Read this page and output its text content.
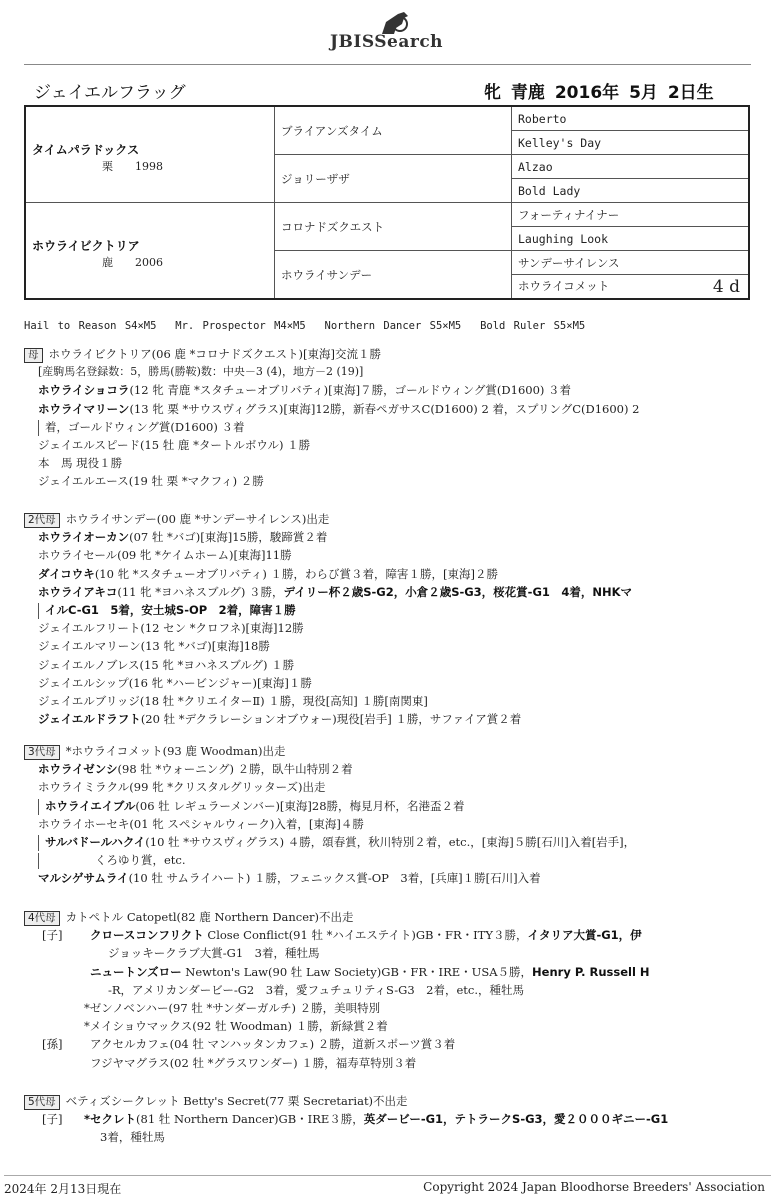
JBISSearch
ジェイエルフラッグ	牝 青鹿 2016年 5月 2日生
タイムパラドックス
栗　　1998	ブライアンズタイム	Roberto
		Kelley's Day
	ジョリーザザ	Alzao
		Bold Lady

ホウライビクトリア
鹿　　2006	コロナドズクエスト	フォーティナイナー
		Laughing Look
	ホウライサンデー	サンデーサイレンス
		ホウライコメット 4 d
Hail to Reason S4×M5　 Mr. Prospector M4×M5　 Northern Dancer S5×M5　 Bold Ruler S5×M5
母 ホウライビクトリア(06 鹿 *コロナドズクエスト)[東海]交流１勝
[産駒馬名登録数：5，勝馬(勝鞍)数：中央－3 (4)，地方－2 (19)]
ホウライショコラ(12 牝 青鹿 *スタチューオブリバティ)[東海]７勝，ゴールドウィング賞(D1600) ３着
ホウライマリーン(13 牝 栗 *サウスヴィグラス)[東海]12勝，新春ペガサスC(D1600) 2 着，スプリングC(D1600) 2
着，ゴールドウィング賞(D1600) ３着
ジェイエルスピード(15 牡 鹿 *タートルボウル) １勝
本　馬 現役１勝
ジェイエルエース(19 牡 栗 *マクフィ) ２勝
2代母 ホウライサンデー(00 鹿 *サンデーサイレンス)出走
ホウライオーカン(07 牡 *バゴ)[東海]15勝，駿蹄賞２着
ホウライセール(09 牝 *ケイムホーム)[東海]11勝
ダイコウキ(10 牝 *スタチューオブリバティ) １勝，わらび賞３着，障害１勝，[東海]２勝
ホウライアキコ(11 牝 *ヨハネスブルグ) ３勝，デイリー杯２歳S-G2，小倉２歳S-G3，桜花賞-G1　4着，NHKマ
イルC-G1　5着，安土城S-OP　2着，障害１勝
ジェイエルフリート(12 セン *クロフネ)[東海]12勝
ジェイエルマリーン(13 牝 *バゴ)[東海]18勝
ジェイエルノブレス(15 牝 *ヨハネスブルグ) １勝
ジェイエルシップ(16 牝 *ハービンジャー)[東海]１勝
ジェイエルブリッジ(18 牡 *クリエイターⅡ) １勝，現役[高知] １勝[南関東]
ジェイエルドラフト(20 牡 *デクラレーションオブウォー)現役[岩手] １勝，サファイア賞２着
3代母 *ホウライコメット(93 鹿 Woodman)出走
ホウライゼンシ(98 牡 *ウォーニング) ２勝，臥牛山特別２着
ホウライミラクル(99 牝 *クリスタルグリッターズ)出走
ホウライエイブル(06 牡 レギュラーメンバー)[東海]28勝，梅見月杯，名港盃２着
ホウライホーセキ(01 牝 スペシャルウィーク)入着，[東海]４勝
サルバドールハクイ(10 牡 *サウスヴィグラス) ４勝，頌春賞，秋川特別２着，etc.，[東海]５勝[石川]入着[岩手]，
くろゆり賞，etc.
マルシゲサムライ(10 牡 サムライハート) １勝，フェニックス賞-OP　3着，[兵庫]１勝[石川]入着
4代母 カトペトル Catopetl(82 鹿 Northern Dancer)不出走
[子] クロースコンフリクト Close Conflict(91 牡 *ハイエステイト)GB・FR・ITY３勝，イタリア大賞-G1，伊
ジョッキークラブ大賞-G1　3着，種牡馬
ニュートンズロー Newton's Law(90 牡 Law Society)GB・FR・IRE・USA５勝，Henry P. Russell H
-R，アメリカンダービー-G2　3着，愛フュチュリティS-G3　2着，etc.，種牡馬
*ゼンノベンハー(97 牡 *サンダーガルチ) ２勝，美唄特別
*メイショウマックス(92 牡 Woodman) １勝，新緑賞２着
[孫] アクセルカフェ(04 牡 マンハッタンカフェ) ２勝，道新スポーツ賞３着
フジヤマグラス(02 牡 *グラスワンダー) １勝，福寿草特別３着
5代母 ベティズシークレット Betty's Secret(77 栗 Secretariat)不出走
[子] *セクレト(81 牡 Northern Dancer)GB・IRE３勝，英ダービー-G1，テトラークS-G3，愛２０００ギニー-G1
3着，種牡馬
2024年 2月13日現在	Copyright 2024 Japan Bloodhorse Breeders' Association
